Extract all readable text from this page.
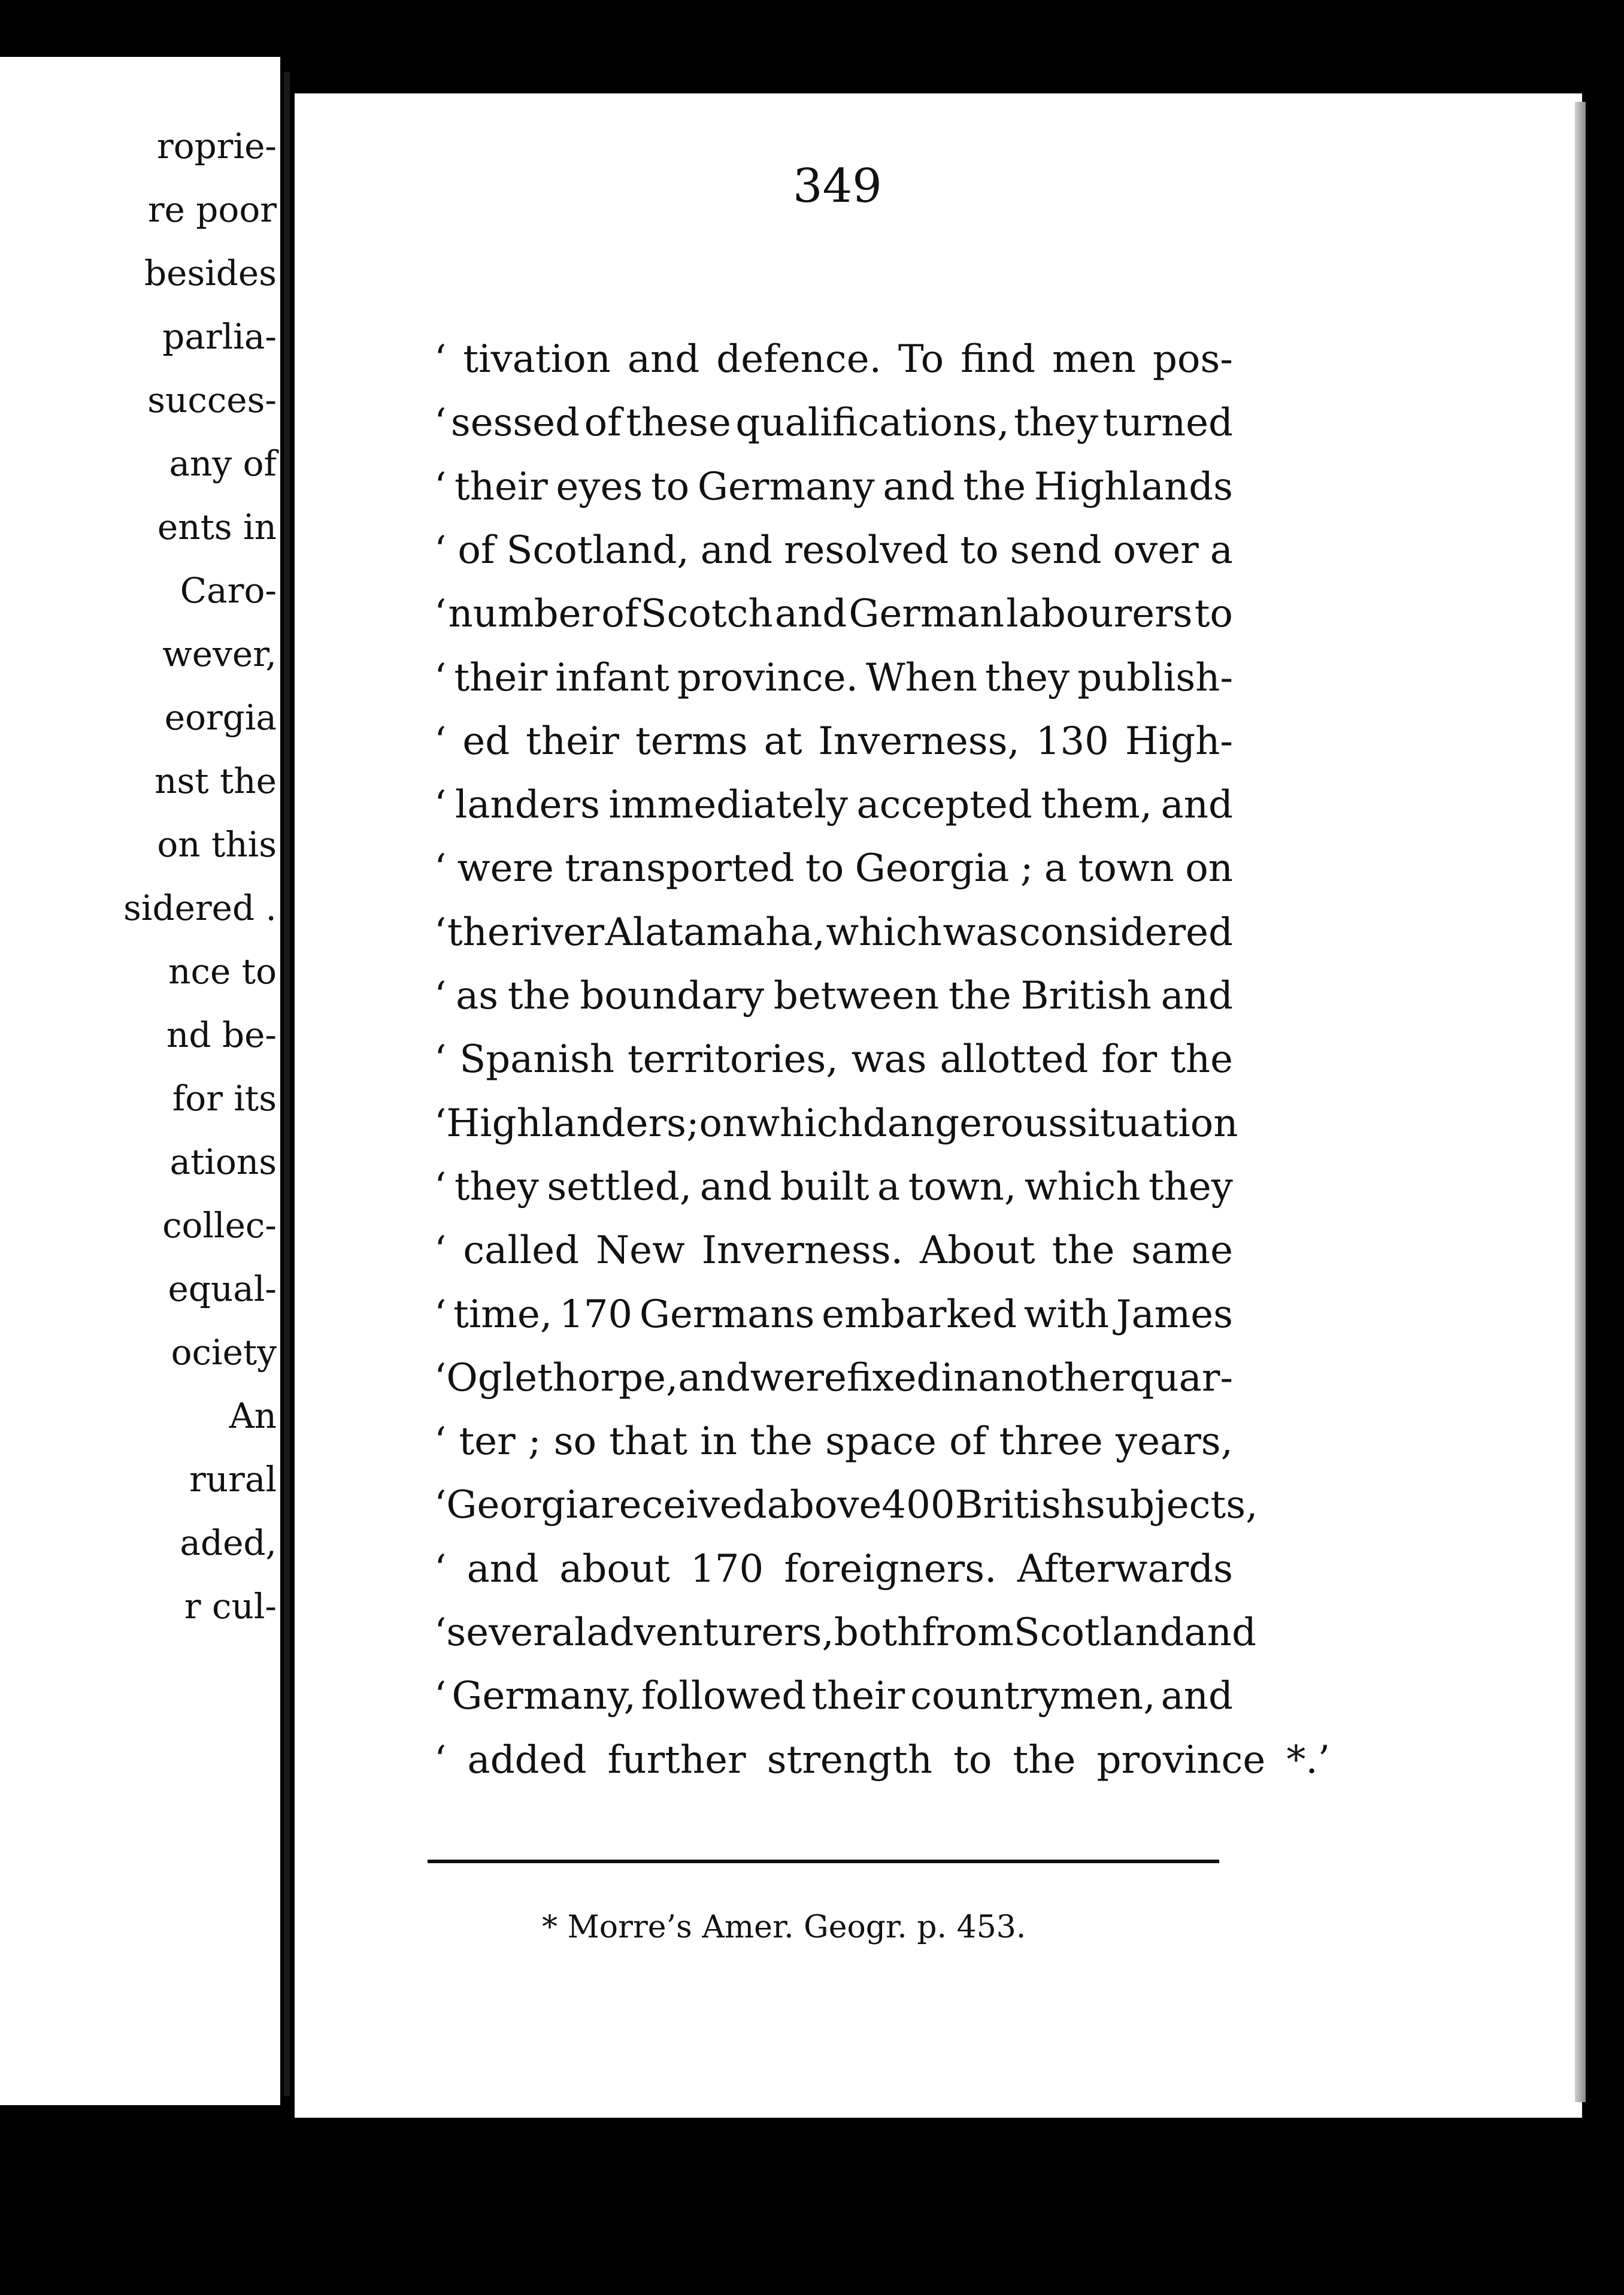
roprie-
re poor
besides
parlia-
succes-
any of
ents in
Caro-
wever,
eorgia
nst the
on this
sidered .
nce to
nd be-
for its
ations
collec-
equal-
ociety
An
rural
aded,
r cul-
349
‘ tivation and defence. To find men pos-
‘ sessed of these qualifications, they turned
‘ their eyes to Germany and the Highlands
‘ of Scotland, and resolved to send over a
‘ number of Scotch and German labourers to
‘ their infant province. When they publish-
‘ ed their terms at Inverness, 130 High-
‘ landers immediately accepted them, and
‘ were transported to Georgia ; a town on
‘ the river Alatamaha, which was considered
‘ as the boundary between the British and
‘ Spanish territories, was allotted for the
‘ Highlanders ; on which dangerous situation
‘ they settled, and built a town, which they
‘ called New Inverness. About the same
‘ time, 170 Germans embarked with James
‘ Oglethorpe, and were fixed in another quar-
‘ ter ; so that in the space of three years,
‘ Georgia received above 400 British subjects,
‘ and about 170 foreigners. Afterwards
‘ several adventurers, both from Scotland and
‘ Germany, followed their countrymen, and
‘ added further strength to the province *.’
* Morre’s Amer. Geogr. p. 453.
